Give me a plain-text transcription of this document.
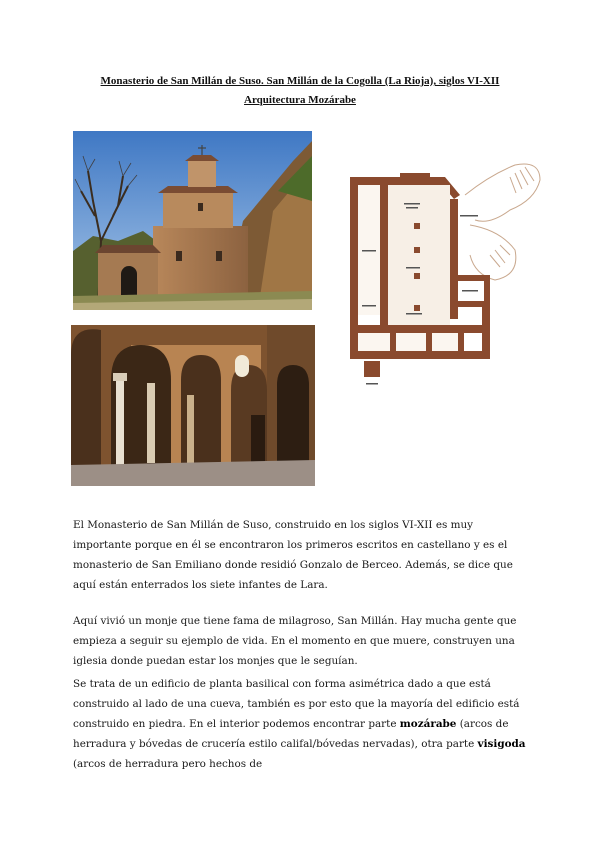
Monasterio de San Millán de Suso. San Millán de la Cogolla (La Rioja), siglos VI-XII
Arquitectura Mozárabe
El Monasterio de San Millán de Suso, construido en los siglos VI-XII es muy importante porque en él se encontraron los primeros escritos en castellano y es el monasterio de San Emiliano donde residió Gonzalo de Berceo. Además, se dice que aquí están enterrados los siete infantes de Lara.
Aquí vivió un monje que tiene fama de milagroso, San Millán. Hay mucha gente que empieza a seguir su ejemplo de vida. En el momento en que muere, construyen una iglesia donde puedan estar los monjes que le seguían.
Se trata de un edificio de planta basilical con forma asimétrica dado a que está construido al lado de una cueva, también es por esto que la mayoría del edificio está construido en piedra. En el interior podemos encontrar parte mozárabe (arcos de herradura y bóvedas de crucería estilo califal/bóvedas nervadas), otra parte visigoda (arcos de herradura pero hechos de
